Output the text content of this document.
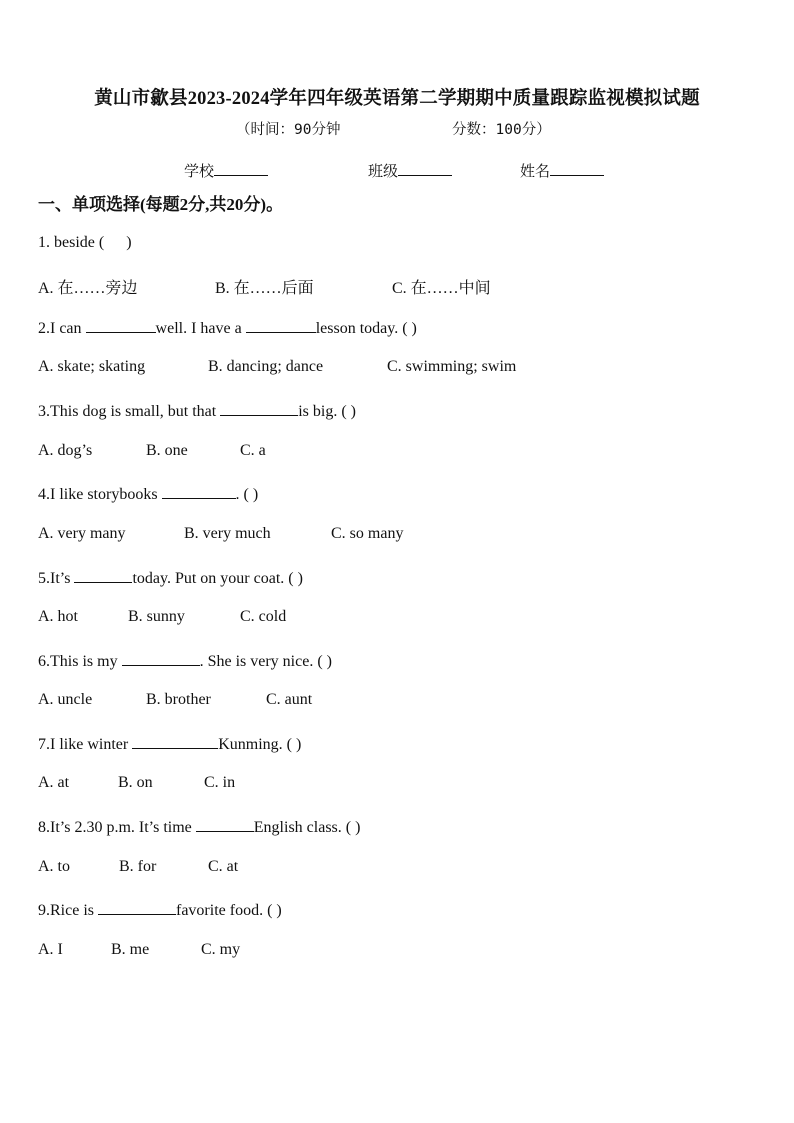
黄山市歙县2023-2024学年四年级英语第二学期期中质量跟踪监视模拟试题
（时间：90分钟	分数：100分）
学校	班级	姓名
一、单项选择(每题2分,共20分)。
1. beside ( )
A. 在……旁边	B. 在……后面	C. 在……中间
2.I can	well. I have a	lesson today. ( )
A. skate; skating	B. dancing; dance	C. swimming; swim
3.This dog is small, but that	is big. ( )
A. dog’s	B. one	C. a
4.I like storybooks	. ( )
A. very many	B. very much	C. so many
5.It’s	today. Put on your coat. ( )
A. hot	B. sunny	C. cold
6.This is my	. She is very nice. ( )
A. uncle	B. brother	C. aunt
7.I like winter	Kunming. ( )
A. at	B. on	C. in
8.It’s 2.30 p.m. It’s time	English class. ( )
A. to	B. for	C. at
9.Rice is	favorite food. ( )
A. I	B. me	C. my
